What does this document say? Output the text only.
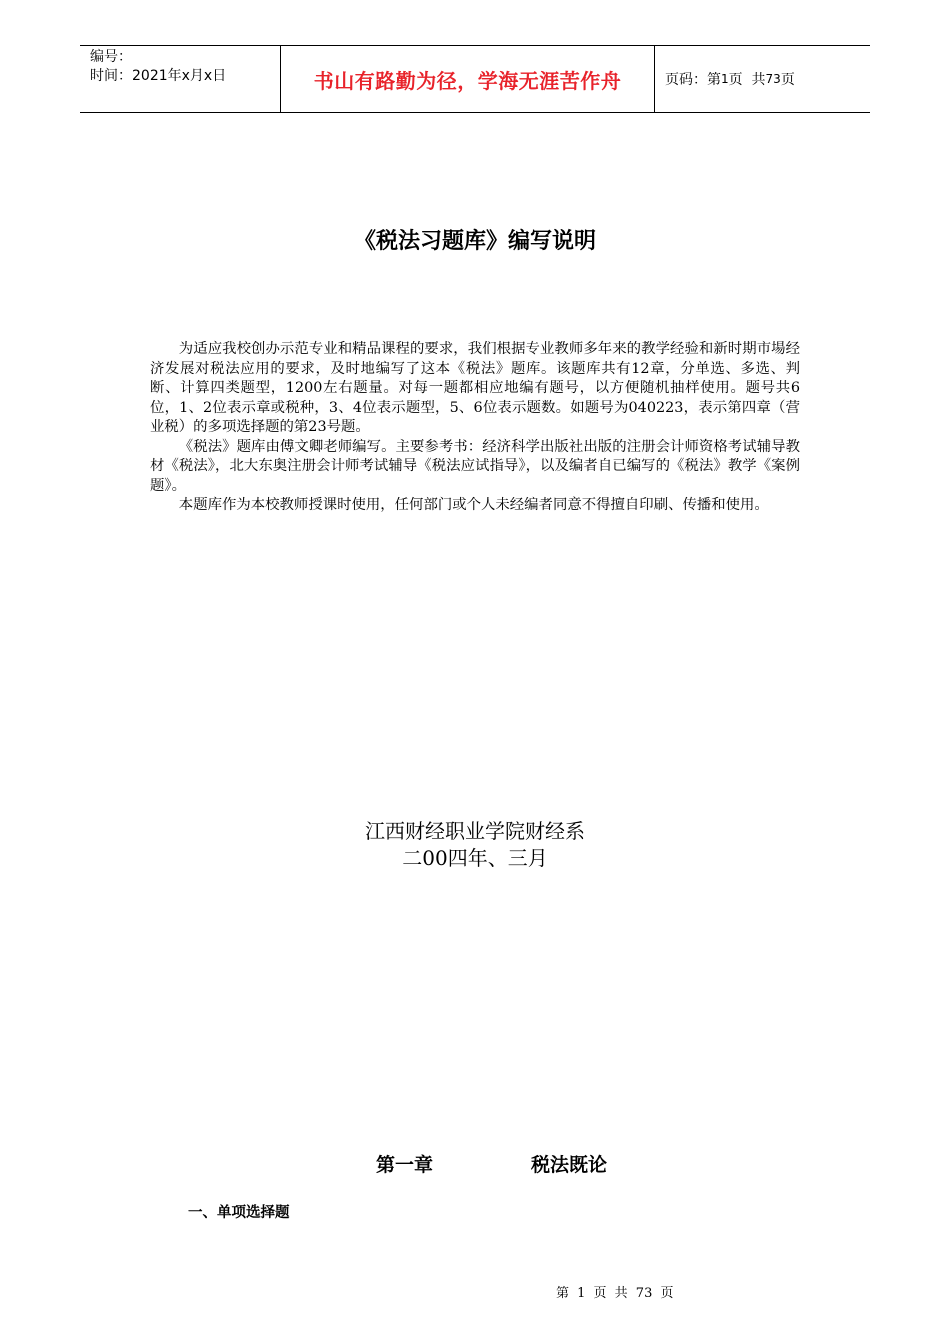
编号：
时间：2021年x月x日	书山有路勤为径，学海无涯苦作舟	页码：第 1 页  共 73 页
《税法习题库》编写说明

为适应我校创办示范专业和精品课程的要求，我们根据专业教师多年来的教学经验和新时期市場经济发展对税法应用的要求，及时地编写了这本《税法》题库。该题库共有12章，分单选、多选、判断、计算四类题型，1200左右题量。对每一题都相应地编有题号，以方便随机抽样使用。题号共6位，1、2位表示章或税种，3、4位表示题型，5、6位表示题数。如题号为040223，表示第四章（营业税）的多项选择题的第23号题。

《税法》题库由傅文卿老师编写。主要参考书：经济科学出版社出版的注册会计师资格考试辅导教材《税法》，北大东奥注册会计师考试辅导《税法应试指导》，以及编者自已编写的《税法》教学《案例题》。

本题库作为本校教师授课时使用，任何部门或个人未经编者同意不得擅自印刷、传播和使用。

江西财经职业学院财经系
二00四年、三月
第一章	税法既论
一、单项选择题
第 1 页 共 73 页
